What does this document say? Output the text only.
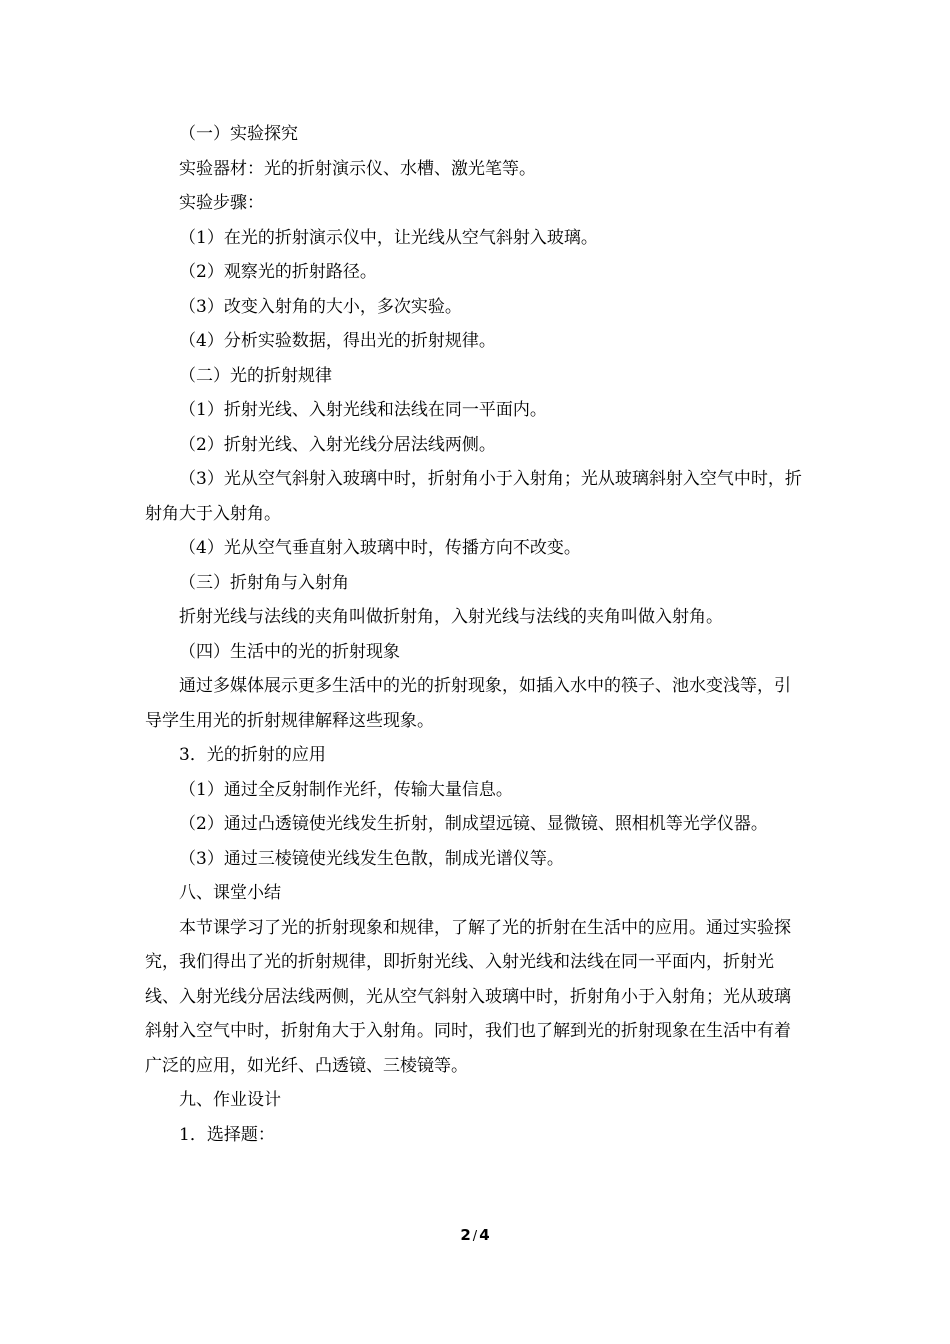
（一）实验探究

实验器材：光的折射演示仪、水槽、激光笔等。

实验步骤：

（1）在光的折射演示仪中，让光线从空气斜射入玻璃。

（2）观察光的折射路径。

（3）改变入射角的大小，多次实验。

（4）分析实验数据，得出光的折射规律。

（二）光的折射规律

（1）折射光线、入射光线和法线在同一平面内。

（2）折射光线、入射光线分居法线两侧。

（3）光从空气斜射入玻璃中时，折射角小于入射角；光从玻璃斜射入空气中时，折射角大于入射角。

（4）光从空气垂直射入玻璃中时，传播方向不改变。

（三）折射角与入射角

折射光线与法线的夹角叫做折射角，入射光线与法线的夹角叫做入射角。

（四）生活中的光的折射现象

通过多媒体展示更多生活中的光的折射现象，如插入水中的筷子、池水变浅等，引导学生用光的折射规律解释这些现象。

3．光的折射的应用

（1）通过全反射制作光纤，传输大量信息。

（2）通过凸透镜使光线发生折射，制成望远镜、显微镜、照相机等光学仪器。

（3）通过三棱镜使光线发生色散，制成光谱仪等。

八、课堂小结

本节课学习了光的折射现象和规律，了解了光的折射在生活中的应用。通过实验探究，我们得出了光的折射规律，即折射光线、入射光线和法线在同一平面内，折射光线、入射光线分居法线两侧，光从空气斜射入玻璃中时，折射角小于入射角；光从玻璃斜射入空气中时，折射角大于入射角。同时，我们也了解到光的折射现象在生活中有着广泛的应用，如光纤、凸透镜、三棱镜等。

九、作业设计

1．选择题：

2 / 4
